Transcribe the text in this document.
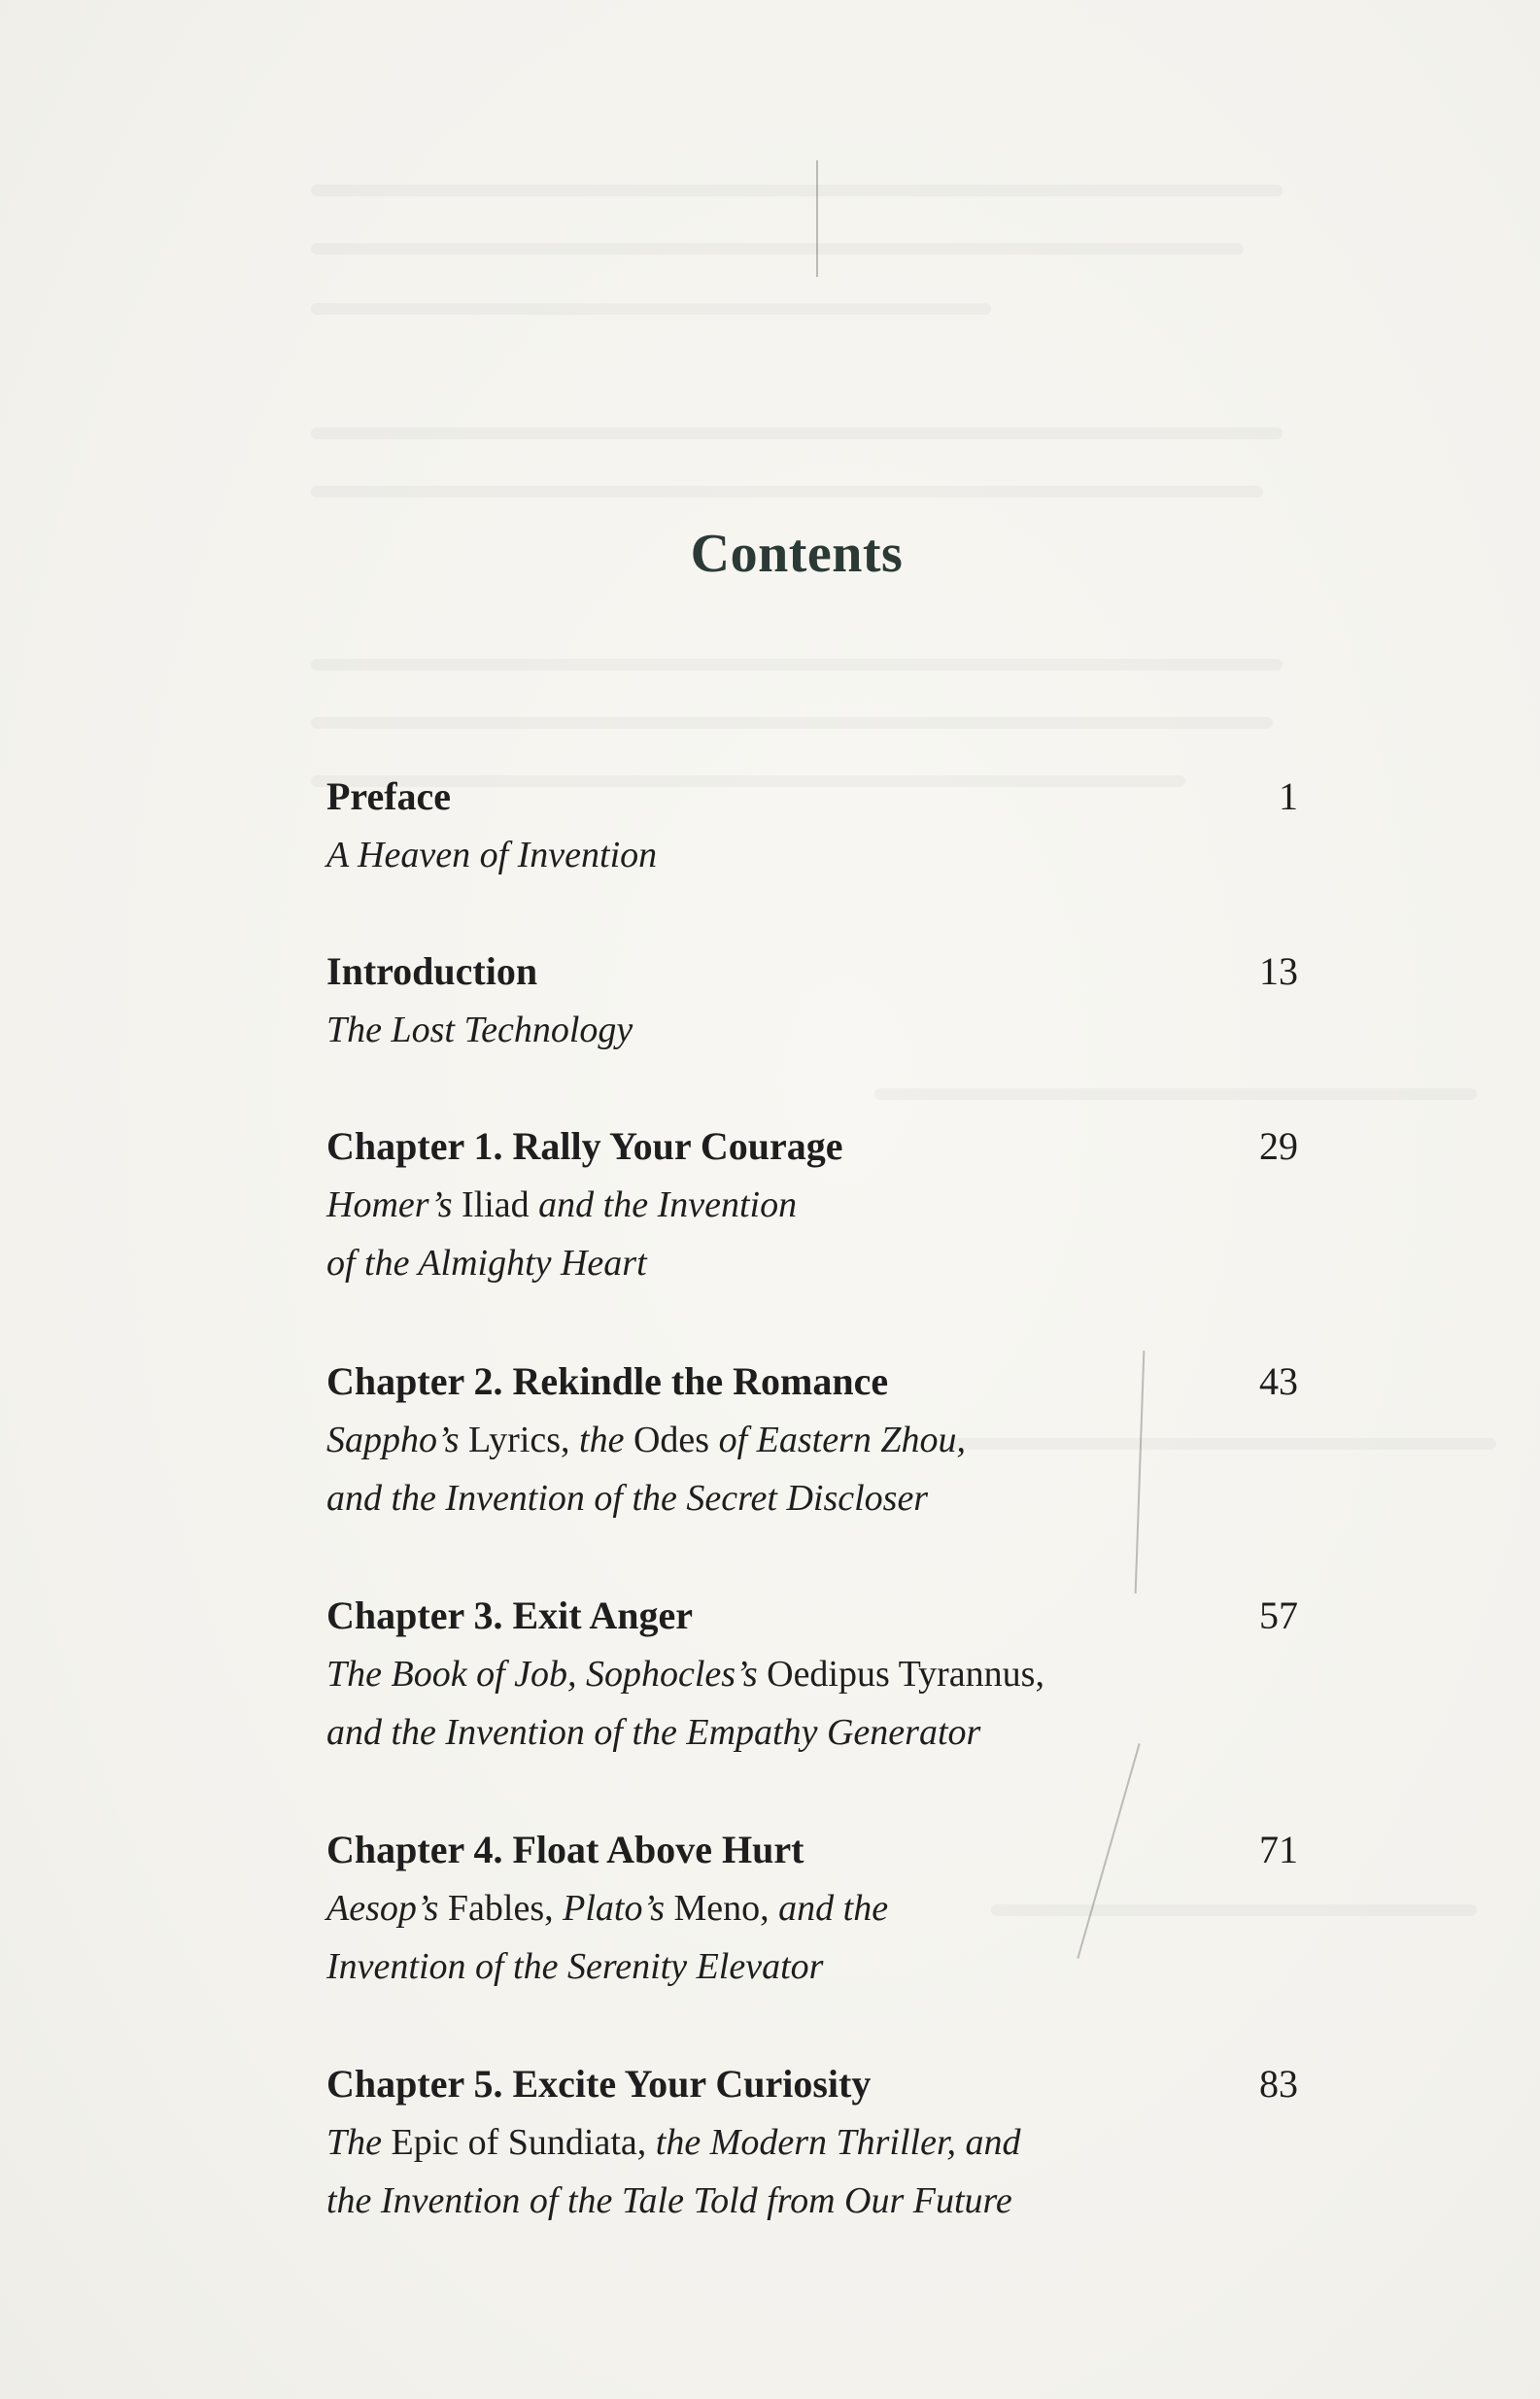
Contents
Preface	1
A Heaven of Invention
Introduction	13
The Lost Technology
Chapter 1. Rally Your Courage	29
Homer’s Iliad and the Invention
of the Almighty Heart
Chapter 2. Rekindle the Romance	43
Sappho’s Lyrics, the Odes of Eastern Zhou,
and the Invention of the Secret Discloser
Chapter 3. Exit Anger	57
The Book of Job, Sophocles’s Oedipus Tyrannus,
and the Invention of the Empathy Generator
Chapter 4. Float Above Hurt	71
Aesop’s Fables, Plato’s Meno, and the
Invention of the Serenity Elevator
Chapter 5. Excite Your Curiosity	83
The Epic of Sundiata, the Modern Thriller, and
the Invention of the Tale Told from Our Future
